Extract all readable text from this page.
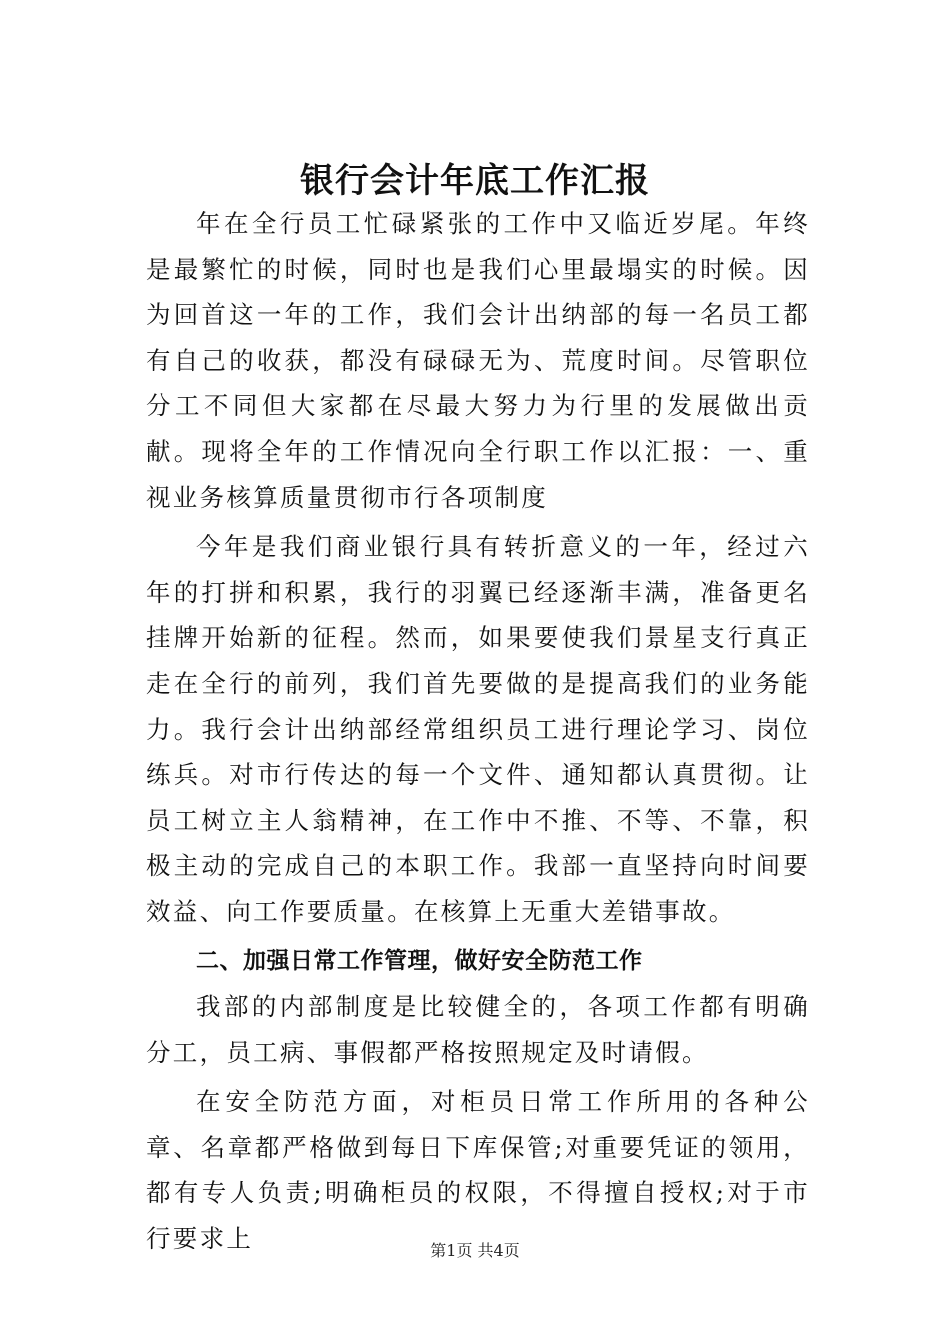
银行会计年底工作汇报

年在全行员工忙碌紧张的工作中又临近岁尾。年终是最繁忙的时候，同时也是我们心里最塌实的时候。因为回首这一年的工作，我们会计出纳部的每一名员工都有自己的收获，都没有碌碌无为、荒度时间。尽管职位分工不同但大家都在尽最大努力为行里的发展做出贡献。现将全年的工作情况向全行职工作以汇报：一、重视业务核算质量贯彻市行各项制度

今年是我们商业银行具有转折意义的一年，经过六年的打拼和积累，我行的羽翼已经逐渐丰满，准备更名挂牌开始新的征程。然而，如果要使我们景星支行真正走在全行的前列，我们首先要做的是提高我们的业务能力。我行会计出纳部经常组织员工进行理论学习、岗位练兵。对市行传达的每一个文件、通知都认真贯彻。让员工树立主人翁精神，在工作中不推、不等、不靠，积极主动的完成自己的本职工作。我部一直坚持向时间要效益、向工作要质量。在核算上无重大差错事故。

二、加强日常工作管理，做好安全防范工作

我部的内部制度是比较健全的，各项工作都有明确分工，员工病、事假都严格按照规定及时请假。

在安全防范方面，对柜员日常工作所用的各种公章、名章都严格做到每日下库保管;对重要凭证的领用，都有专人负责;明确柜员的权限，不得擅自授权;对于市行要求上	第1页 共4页
